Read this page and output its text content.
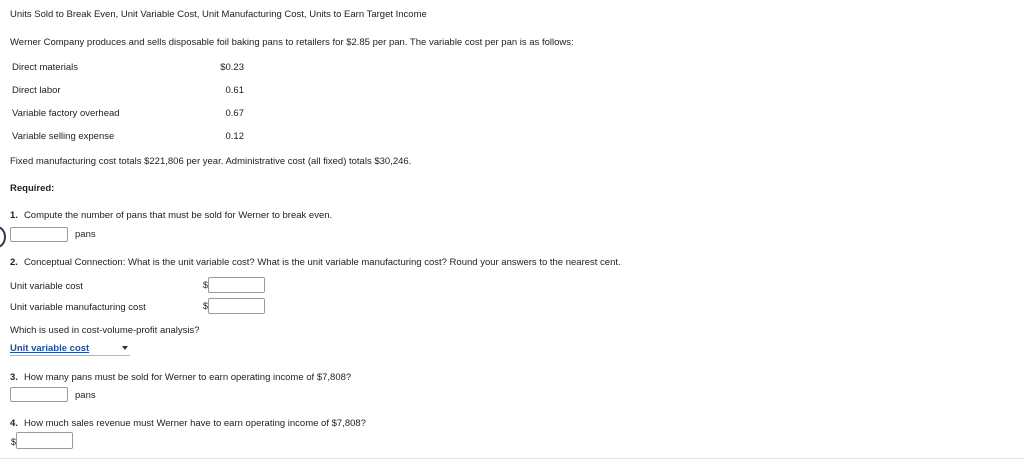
Units Sold to Break Even, Unit Variable Cost, Unit Manufacturing Cost, Units to Earn Target Income
Werner Company produces and sells disposable foil baking pans to retailers for $2.85 per pan. The variable cost per pan is as follows:
Direct materials	$0.23
Direct labor	0.61
Variable factory overhead	0.67
Variable selling expense	0.12
Fixed manufacturing cost totals $221,806 per year. Administrative cost (all fixed) totals $30,246.
Required:
1. Compute the number of pans that must be sold for Werner to break even.
pans
2. Conceptual Connection: What is the unit variable cost? What is the unit variable manufacturing cost? Round your answers to the nearest cent.
Unit variable cost	$
Unit variable manufacturing cost	$
Which is used in cost-volume-profit analysis?
Unit variable cost
3. How many pans must be sold for Werner to earn operating income of $7,808?
pans
4. How much sales revenue must Werner have to earn operating income of $7,808?
$
